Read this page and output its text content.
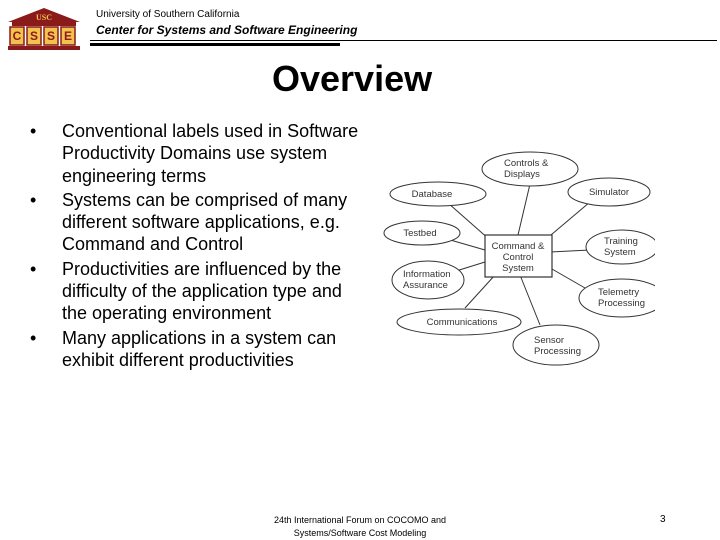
USC
C S S E
University of Southern California
Center for Systems and Software Engineering
Overview
• Conventional labels used in Software Productivity Domains use system engineering terms
• Systems can be comprised of many different software applications, e.g. Command and Control
• Productivities are influenced by the difficulty of the application type and the operating environment
• Many applications in a system can exhibit different productivities
Command &
Control
System
Controls &
Displays
Database	Simulator
Testbed
Training
System
Information
Assurance
Telemetry
Processing
Communications
Sensor
Processing
24th International Forum on COCOMO and
Systems/Software Cost Modeling
3
